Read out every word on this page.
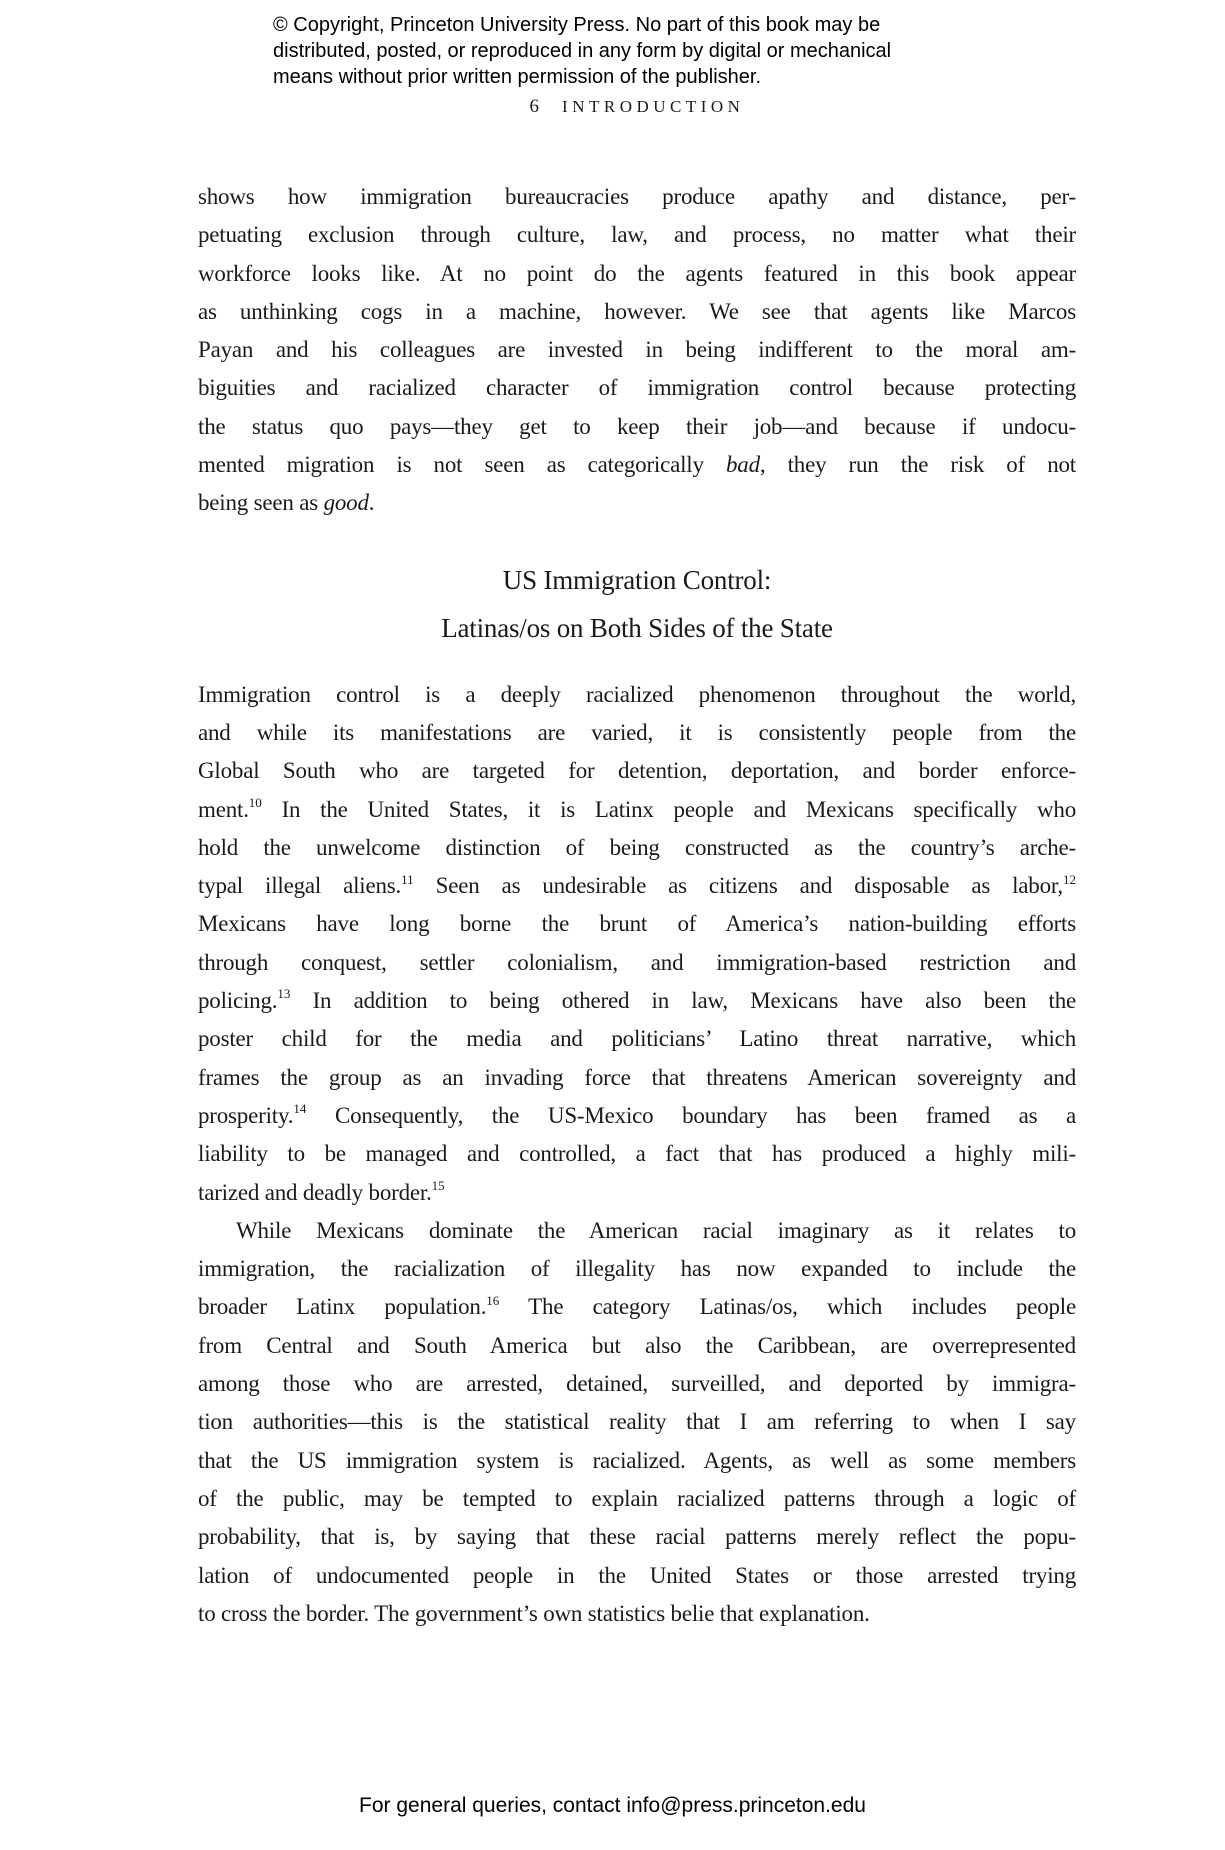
© Copyright, Princeton University Press. No part of this book may be
distributed, posted, or reproduced in any form by digital or mechanical
means without prior written permission of the publisher.
6 INTRODUCTION
shows how immigration bureaucracies produce apathy and distance, per-
petuating exclusion through culture, law, and process, no matter what their
workforce looks like. At no point do the agents featured in this book appear
as unthinking cogs in a machine, however. We see that agents like Marcos
Payan and his colleagues are invested in being indifferent to the moral am-
biguities and racialized character of immigration control because protecting
the status quo pays—they get to keep their job—and because if undocu-
mented migration is not seen as categorically bad, they run the risk of not
being seen as good.
US Immigration Control:
Latinas/os on Both Sides of the State
Immigration control is a deeply racialized phenomenon throughout the world,
and while its manifestations are varied, it is consistently people from the
Global South who are targeted for detention, deportation, and border enforce-
ment.$^{10}$ In the United States, it is Latinx people and Mexicans specifically who
hold the unwelcome distinction of being constructed as the country’s arche-
typal illegal aliens.$^{11}$ Seen as undesirable as citizens and disposable as labor,$^{12}$
Mexicans have long borne the brunt of America’s nation-building efforts
through conquest, settler colonialism, and immigration-based restriction and
policing.$^{13}$ In addition to being othered in law, Mexicans have also been the
poster child for the media and politicians’ Latino threat narrative, which
frames the group as an invading force that threatens American sovereignty and
prosperity.$^{14}$ Consequently, the US-Mexico boundary has been framed as a
liability to be managed and controlled, a fact that has produced a highly mili-
tarized and deadly border.$^{15}$
While Mexicans dominate the American racial imaginary as it relates to
immigration, the racialization of illegality has now expanded to include the
broader Latinx population.$^{16}$ The category Latinas/os, which includes people
from Central and South America but also the Caribbean, are overrepresented
among those who are arrested, detained, surveilled, and deported by immigra-
tion authorities—this is the statistical reality that I am referring to when I say
that the US immigration system is racialized. Agents, as well as some members
of the public, may be tempted to explain racialized patterns through a logic of
probability, that is, by saying that these racial patterns merely reflect the popu-
lation of undocumented people in the United States or those arrested trying
to cross the border. The government’s own statistics belie that explanation.
For general queries, contact info@press.princeton.edu
